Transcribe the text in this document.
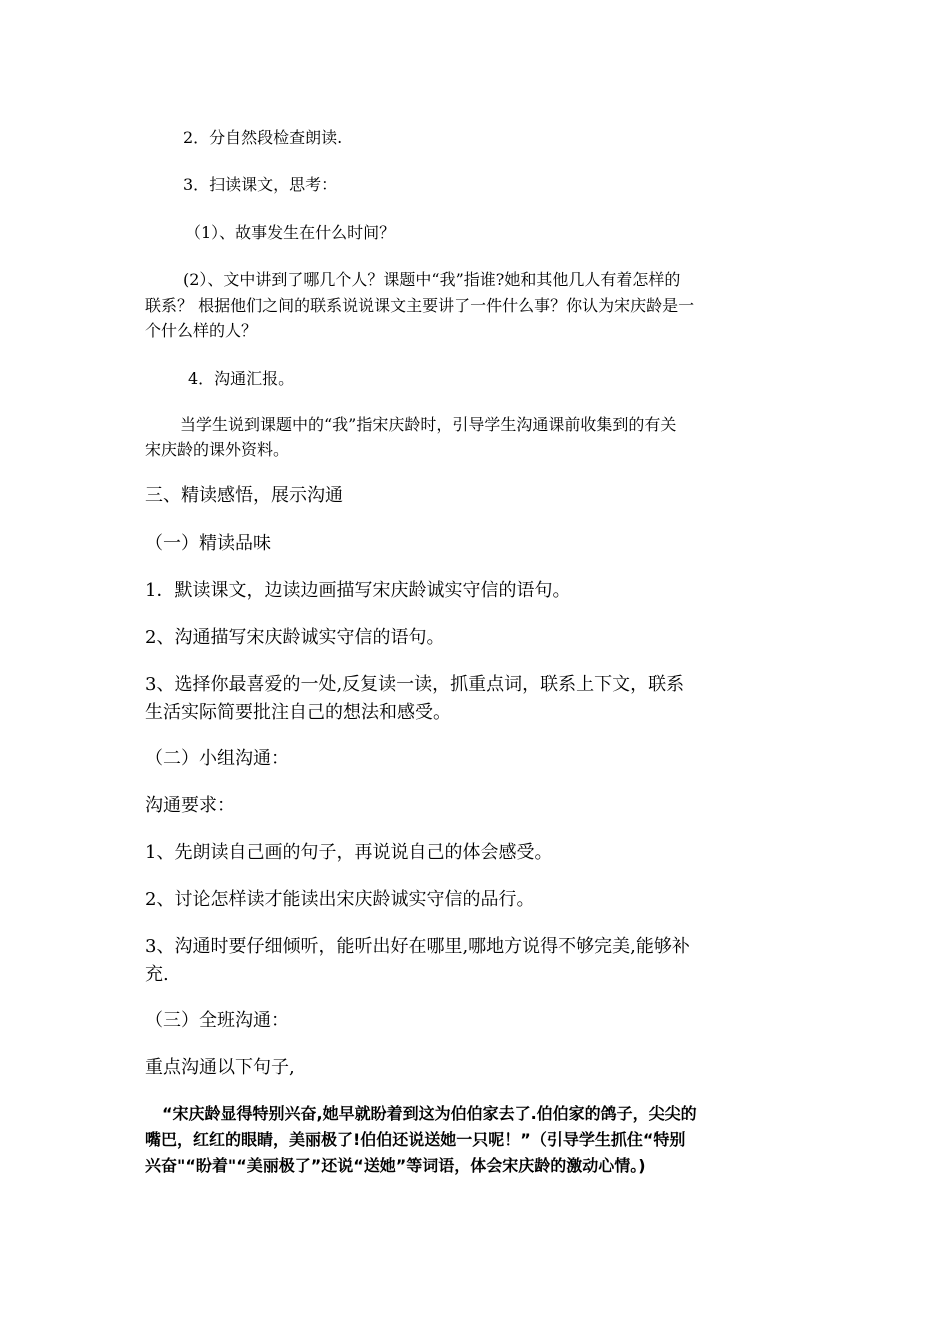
2．分自然段检查朗读.

3．扫读课文，思考：

（1）、故事发生在什么时间？

(2）、文中讲到了哪几个人？课题中“我”指谁?她和其他几人有着怎样的

联系？ 根据他们之间的联系说说课文主要讲了一件什么事？你认为宋庆龄是一

个什么样的人？

4．沟通汇报。

当学生说到课题中的“我”指宋庆龄时，引导学生沟通课前收集到的有关

宋庆龄的课外资料。

三、精读感悟，展示沟通

（一）精读品味

1．默读课文，边读边画描写宋庆龄诚实守信的语句。

2、沟通描写宋庆龄诚实守信的语句。

3、选择你最喜爱的一处,反复读一读，抓重点词，联系上下文，联系

生活实际简要批注自己的想法和感受。

（二）小组沟通：

沟通要求：

1、先朗读自己画的句子，再说说自己的体会感受。

2、讨论怎样读才能读出宋庆龄诚实守信的品行。

3、沟通时要仔细倾听，能听出好在哪里,哪地方说得不够完美,能够补

充.

（三）全班沟通：

重点沟通以下句子,

“宋庆龄显得特别兴奋,她早就盼着到这为伯伯家去了.伯伯家的鸽子，尖尖的

嘴巴，红红的眼睛，美丽极了!伯伯还说送她一只呢！”（引导学生抓住“特别

兴奋"“盼着"“美丽极了”还说“送她”等词语，体会宋庆龄的激动心情。)
